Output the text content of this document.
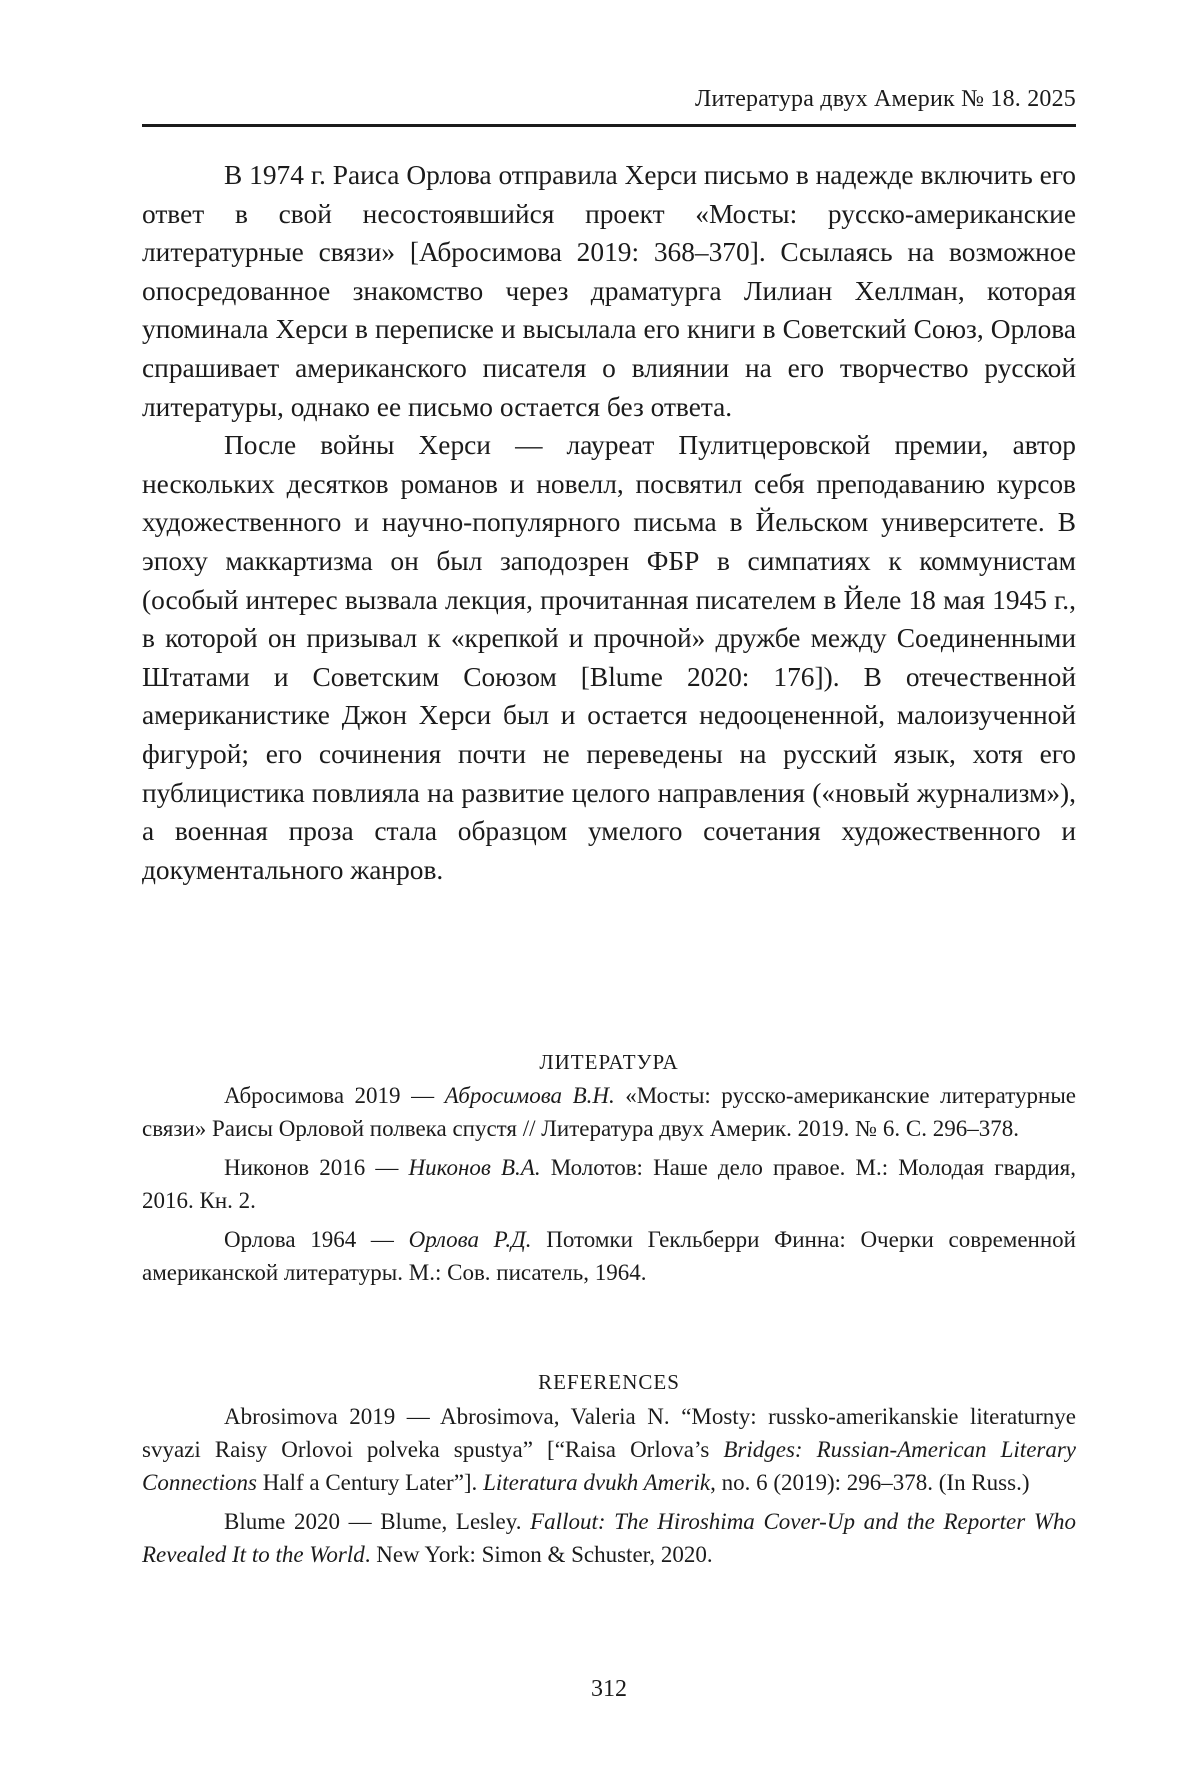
Литература двух Америк № 18. 2025

В 1974 г. Раиса Орлова отправила Херси письмо в надежде включить его ответ в свой несостоявшийся проект «Мосты: русско-американские литературные связи» [Абросимова 2019: 368–370]. Ссылаясь на возможное опосредованное знакомство через драматурга Лилиан Хеллман, которая упоминала Херси в переписке и высылала его книги в Советский Союз, Орлова спрашивает американского писателя о влиянии на его творчество русской литературы, однако ее письмо остается без ответа.

После войны Херси — лауреат Пулитцеровской премии, автор нескольких десятков романов и новелл, посвятил себя преподаванию курсов художественного и научно-популярного письма в Йельском университете. В эпоху маккартизма он был заподозрен ФБР в симпатиях к коммунистам (особый интерес вызвала лекция, прочитанная писателем в Йеле 18 мая 1945 г., в которой он призывал к «крепкой и прочной» дружбе между Соединенными Штатами и Советским Союзом [Blume 2020: 176]). В отечественной американистике Джон Херси был и остается недооцененной, малоизученной фигурой; его сочинения почти не переведены на русский язык, хотя его публицистика повлияла на развитие целого направления («новый журнализм»), а военная проза стала образцом умелого сочетания художественного и документального жанров.

ЛИТЕРАТУРА

Абросимова 2019 — Абросимова В.Н. «Мосты: русско-американские литературные связи» Раисы Орловой полвека спустя // Литература двух Америк. 2019. № 6. С. 296–378.

Никонов 2016 — Никонов В.А. Молотов: Наше дело правое. М.: Молодая гвардия, 2016. Кн. 2.

Орлова 1964 — Орлова Р.Д. Потомки Гекльберри Финна: Очерки современной американской литературы. М.: Сов. писатель, 1964.

REFERENCES

Abrosimova 2019 — Abrosimova, Valeria N. “Mosty: russko-amerikanskie literaturnye svyazi Raisy Orlovoi polveka spustya” [“Raisa Orlova’s Bridges: Russian-American Literary Connections Half a Century Later”]. Literatura dvukh Amerik, no. 6 (2019): 296–378. (In Russ.)

Blume 2020 — Blume, Lesley. Fallout: The Hiroshima Cover-Up and the Reporter Who Revealed It to the World. New York: Simon & Schuster, 2020.

312
